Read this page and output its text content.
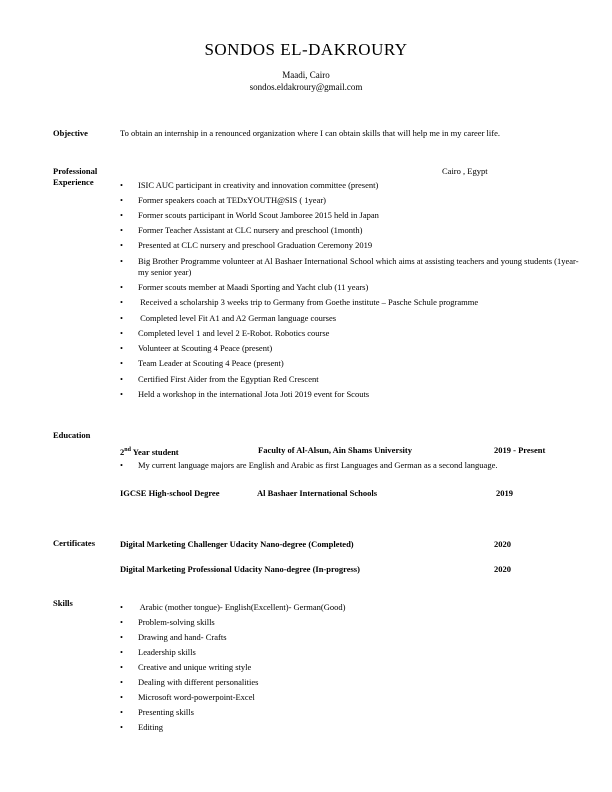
SONDOS EL-DAKROURY
Maadi, Cairo
sondos.eldakroury@gmail.com
Objective	To obtain an internship in a renounced organization where I can obtain skills that will help me in my career life.
Professional
Experience
Cairo , Egypt
• ISIC AUC participant in creativity and innovation committee (present)
• Former speakers coach at TEDxYOUTH@SIS ( 1year)
• Former scouts participant in World Scout Jamboree 2015 held in Japan
• Former Teacher Assistant at CLC nursery and preschool (1month)
• Presented at CLC nursery and preschool Graduation Ceremony 2019
• Big Brother Programme volunteer at Al Bashaer International School which aims at assisting teachers and young students (1year- my senior year)
• Former scouts member at Maadi Sporting and Yacht club (11 years)
• Received a scholarship 3 weeks trip to Germany from Goethe institute – Pasche Schule programme
• Completed level Fit A1 and A2 German language courses
• Completed level 1 and level 2 E-Robot. Robotics course
• Volunteer at Scouting 4 Peace (present)
• Team Leader at Scouting 4 Peace (present)
• Certified First Aider from the Egyptian Red Crescent
• Held a workshop in the international Jota Joti 2019 event for Scouts
Education
2nd Year student	Faculty of Al-Alsun, Ain Shams University	2019 - Present
• My current language majors are English and Arabic as first Languages and German as a second language.
IGCSE High-school Degree	Al Bashaer International Schools	2019
Certificates	Digital Marketing Challenger Udacity Nano-degree (Completed)	2020
Digital Marketing Professional Udacity Nano-degree (In-progress)	2020
Skills	• Arabic (mother tongue)- English(Excellent)- German(Good)
• Problem-solving skills
• Drawing and hand- Crafts
• Leadership skills
• Creative and unique writing style
• Dealing with different personalities
• Microsoft word-powerpoint-Excel
• Presenting skills
• Editing
